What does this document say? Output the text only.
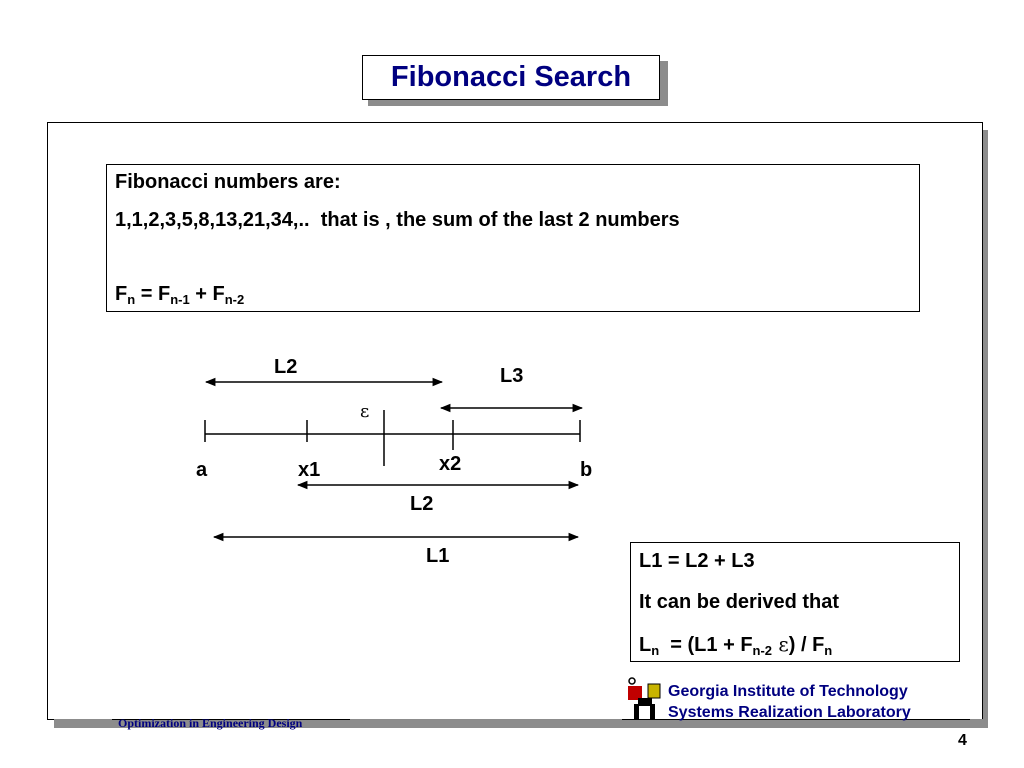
Fibonacci Search
Fibonacci numbers are:
1,1,2,3,5,8,13,21,34,..  that is , the sum of the last 2 numbers
$F_n = F_{n-1} + F_{n-2}$
L2	L3
ε
a	x1	x2	b
L2
L1	L1 = L2 + L3
It can be derived that
$L_n = (L1 + F_{n-2}$ $\varepsilon) / F_n$
Optimization in Engineering Design
Georgia Institute of Technology
Systems Realization Laboratory
4
